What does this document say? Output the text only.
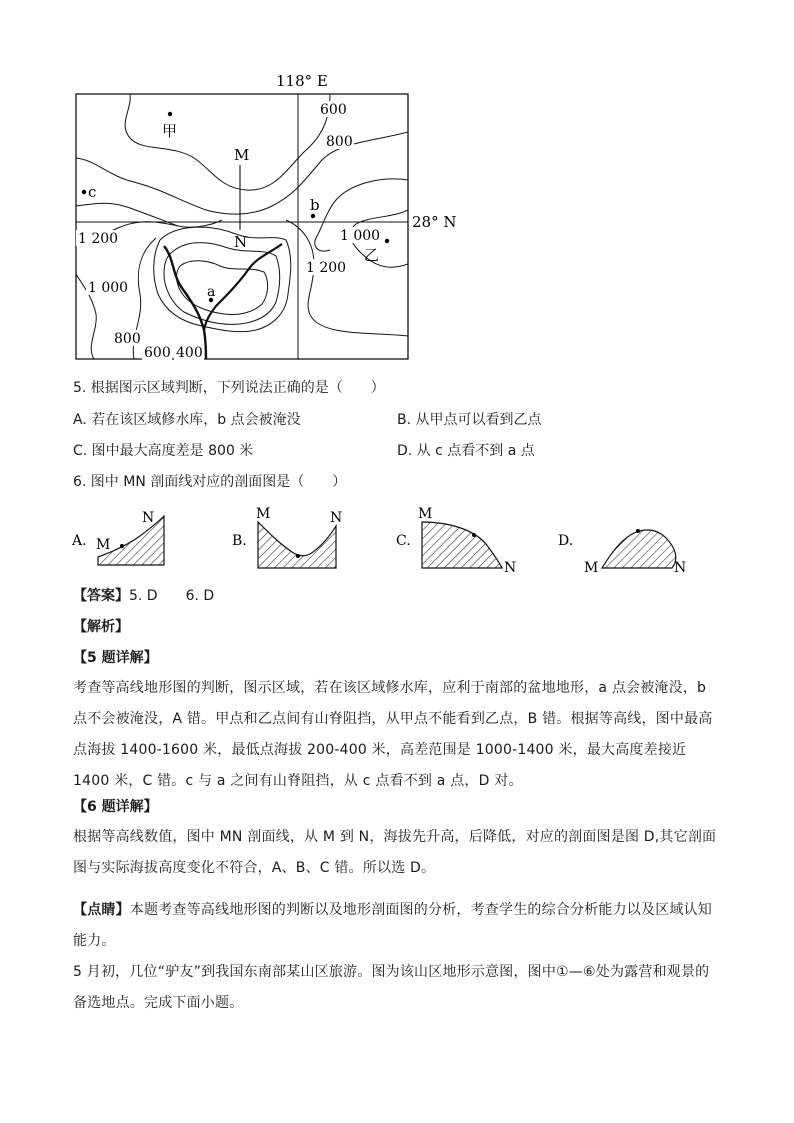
118° E
28° N
M
N
甲
c
b
乙
a
600
800
1 200	1 000
1 200
1 000
800
600 400
5. 根据图示区域判断，下列说法正确的是（　　）
A. 若在该区域修水库，b 点会被淹没	B. 从甲点可以看到乙点
C. 图中最大高度差是 800 米	D. 从 c 点看不到 a 点
6. 图中 MN 剖面线对应的剖面图是（　　）
A. M
N
B.
M	N
C.
M
N
D.
M	N
【答案】5. D　　6. D
【解析】
【5 题详解】
考查等高线地形图的判断，图示区域，若在该区域修水库，应利于南部的盆地地形，a 点会被淹没，b 点不会被淹没，A 错。甲点和乙点间有山脊阻挡，从甲点不能看到乙点，B 错。根据等高线，图中最高点海拔 1400-1600 米，最低点海拔 200-400 米，高差范围是 1000-1400 米，最大高度差接近 1400 米，C 错。c 与 a 之间有山脊阻挡，从 c 点看不到 a 点，D 对。
【6 题详解】
根据等高线数值，图中 MN 剖面线，从 M 到 N，海拔先升高，后降低，对应的剖面图是图 D,其它剖面图与实际海拔高度变化不符合，A、B、C 错。所以选 D。
【点睛】本题考查等高线地形图的判断以及地形剖面图的分析，考查学生的综合分析能力以及区域认知能力。
5 月初，几位“驴友”到我国东南部某山区旅游。图为该山区地形示意图，图中①—⑥处为露营和观景的备选地点。完成下面小题。
